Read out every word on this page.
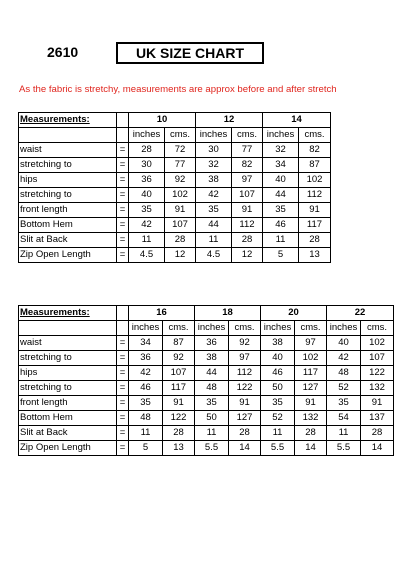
2610	UK SIZE CHART
As the fabric is stretchy, measurements are approx before and after stretch
Measurements:		10		12		14	
		inches	cms.	inches	cms.	inches	cms.
waist	=	28	72	30	77	32	82
stretching to	=	30	77	32	82	34	87
hips	=	36	92	38	97	40	102
stretching to	=	40	102	42	107	44	112
front length	=	35	91	35	91	35	91
Bottom Hem	=	42	107	44	112	46	117
Slit at Back	=	11	28	11	28	11	28
Zip Open Length	=	4.5	12	4.5	12	5	13
Measurements:		16		18		20		22	
		inches	cms.	inches	cms.	inches	cms.	inches	cms.
waist	=	34	87	36	92	38	97	40	102
stretching to	=	36	92	38	97	40	102	42	107
hips	=	42	107	44	112	46	117	48	122
stretching to	=	46	117	48	122	50	127	52	132
front length	=	35	91	35	91	35	91	35	91
Bottom Hem	=	48	122	50	127	52	132	54	137
Slit at Back	=	11	28	11	28	11	28	11	28
Zip Open Length	=	5	13	5.5	14	5.5	14	5.5	14
